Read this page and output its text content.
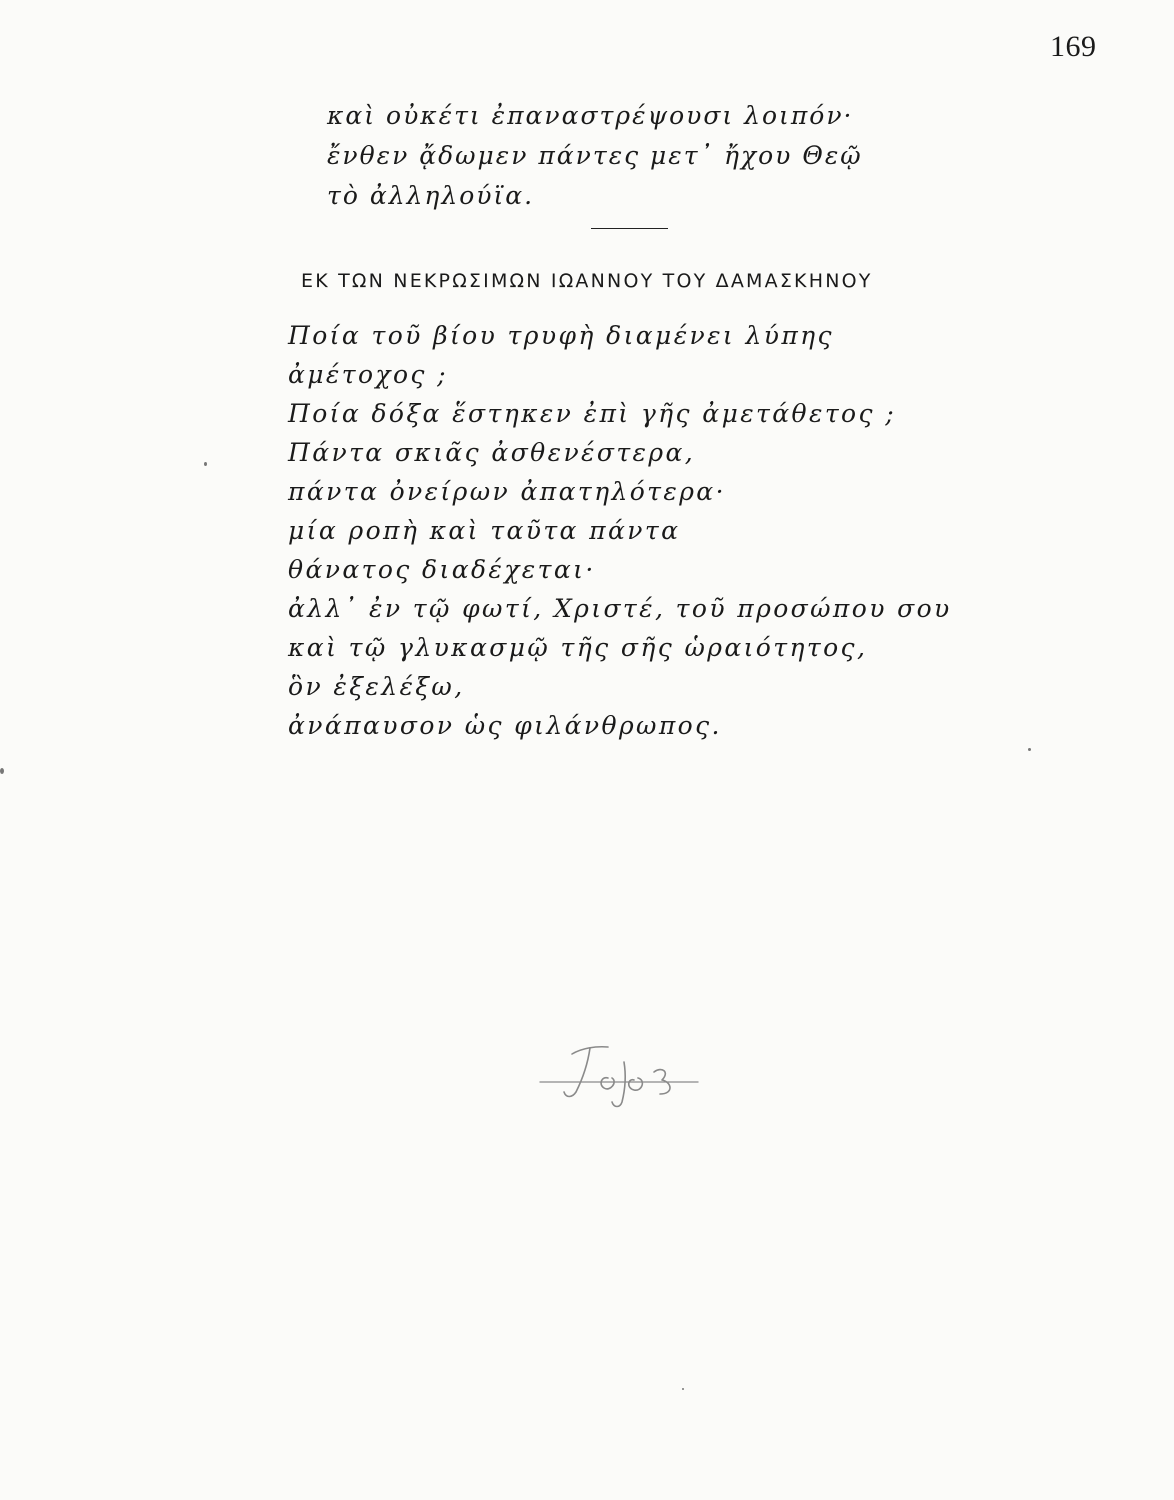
169
καὶ οὐκέτι ἐπαναστρέψουσι λοιπόν·
ἔνθεν ᾄδωμεν πάντες μετ᾽ ἤχου Θεῷ
τὸ ἀλληλούϊα.
ΕΚ ΤΩΝ ΝΕΚΡΩΣΙΜΩΝ ΙΩΑΝΝΟΥ ΤΟΥ ΔΑΜΑΣΚΗΝΟΥ
Ποία τοῦ βίου τρυφὴ διαμένει λύπης
ἀμέτοχος ;
Ποία δόξα ἕστηκεν ἐπὶ γῆς ἀμετάθετος ;
Πάντα σκιᾶς ἀσθενέστερα,
πάντα ὀνείρων ἀπατηλότερα·
μία ροπὴ καὶ ταῦτα πάντα
θάνατος διαδέχεται·
ἀλλ᾽ ἐν τῷ φωτί, Χριστέ, τοῦ προσώπου σου
καὶ τῷ γλυκασμῷ τῆς σῆς ὡραιότητος,
ὃν ἐξελέξω,
ἀνάπαυσον ὡς φιλάνθρωπος.
